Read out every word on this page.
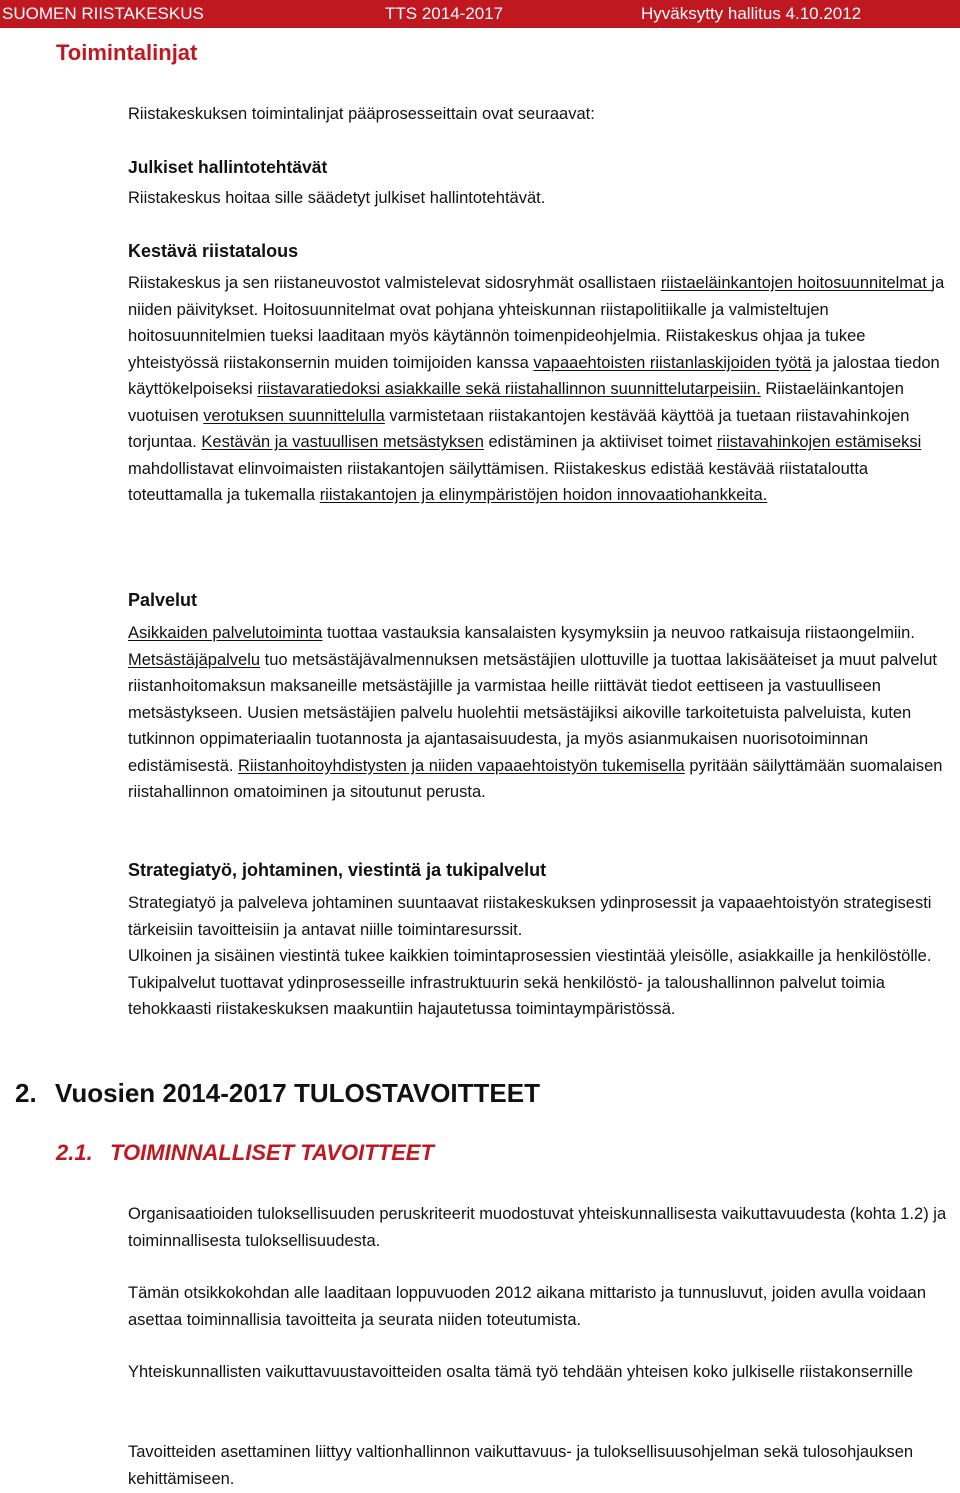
SUOMEN RIISTAKESKUS	TTS 2014-2017	Hyväksytty hallitus 4.10.2012
Toimintalinjat
Riistakeskuksen toimintalinjat pääprosesseittain ovat seuraavat:
Julkiset hallintotehtävät
Riistakeskus hoitaa sille säädetyt julkiset hallintotehtävät.
Kestävä riistatalous

Riistakeskus ja sen riistaneuvostot valmistelevat sidosryhmät osallistaen riistaeläinkantojen hoitosuunnitelmat ja niiden päivitykset. Hoitosuunnitelmat ovat pohjana yhteiskunnan riistapolitiikalle ja valmisteltujen hoitosuunnitelmien tueksi laaditaan myös käytännön toimenpideohjelmia. Riistakeskus ohjaa ja tukee yhteistyössä riistakonsernin muiden toimijoiden kanssa vapaaehtoisten riistanlaskijoiden työtä ja jalostaa tiedon käyttökelpoiseksi riistavaratiedoksi asiakkaille sekä riistahallinnon suunnittelutarpeisiin. Riistaeläinkantojen vuotuisen verotuksen suunnittelulla varmistetaan riistakantojen kestävää käyttöä ja tuetaan riistavahinkojen torjuntaa. Kestävän ja vastuullisen metsästyksen edistäminen ja aktiiviset toimet riistavahinkojen estämiseksi mahdollistavat elinvoimaisten riistakantojen säilyttämisen. Riistakeskus edistää kestävää riistataloutta toteuttamalla ja tukemalla riistakantojen ja elinympäristöjen hoidon innovaatiohankkeita.

Palvelut

Asikkaiden palvelutoiminta tuottaa vastauksia kansalaisten kysymyksiin ja neuvoo ratkaisuja riistaongelmiin. Metsästäjäpalvelu tuo metsästäjävalmennuksen metsästäjien ulottuville ja tuottaa lakisääteiset ja muut palvelut riistanhoitomaksun maksaneille metsästäjille ja varmistaa heille riittävät tiedot eettiseen ja vastuulliseen metsästykseen. Uusien metsästäjien palvelu huolehtii metsästäjiksi aikoville tarkoitetuista palveluista, kuten tutkinnon oppimateriaalin tuotannosta ja ajantasaisuudesta, ja myös asianmukaisen nuorisotoiminnan edistämisestä. Riistanhoitoyhdistysten ja niiden vapaaehtoistyön tukemisella pyritään säilyttämään suomalaisen riistahallinnon omatoiminen ja sitoutunut perusta.

Strategiatyö, johtaminen, viestintä ja tukipalvelut

Strategiatyö ja palveleva johtaminen suuntaavat riistakeskuksen ydinprosessit ja vapaaehtoistyön strategisesti tärkeisiin tavoitteisiin ja antavat niille toimintaresurssit.

Ulkoinen ja sisäinen viestintä tukee kaikkien toimintaprosessien viestintää yleisölle, asiakkaille ja henkilöstölle. Tukipalvelut tuottavat ydinprosesseille infrastruktuurin sekä henkilöstö- ja taloushallinnon palvelut toimia tehokkaasti riistakeskuksen maakuntiin hajautetussa toimintaympäristössä.

2. Vuosien 2014-2017 TULOSTAVOITTEET
2.1. TOIMINNALLISET TAVOITTEET
Organisaatioiden tuloksellisuuden peruskriteerit muodostuvat yhteiskunnallisesta vaikuttavuudesta (kohta 1.2) ja toiminnallisesta tuloksellisuudesta.
Tämän otsikkokohdan alle laaditaan loppuvuoden 2012 aikana mittaristo ja tunnusluvut, joiden avulla voidaan asettaa toiminnallisia tavoitteita ja seurata niiden toteutumista.
Yhteiskunnallisten vaikuttavuustavoitteiden osalta tämä työ tehdään yhteisen koko julkiselle riistakonsernille
Tavoitteiden asettaminen liittyy valtionhallinnon vaikuttavuus- ja tuloksellisuusohjelman sekä tulosohjauksen kehittämiseen.
